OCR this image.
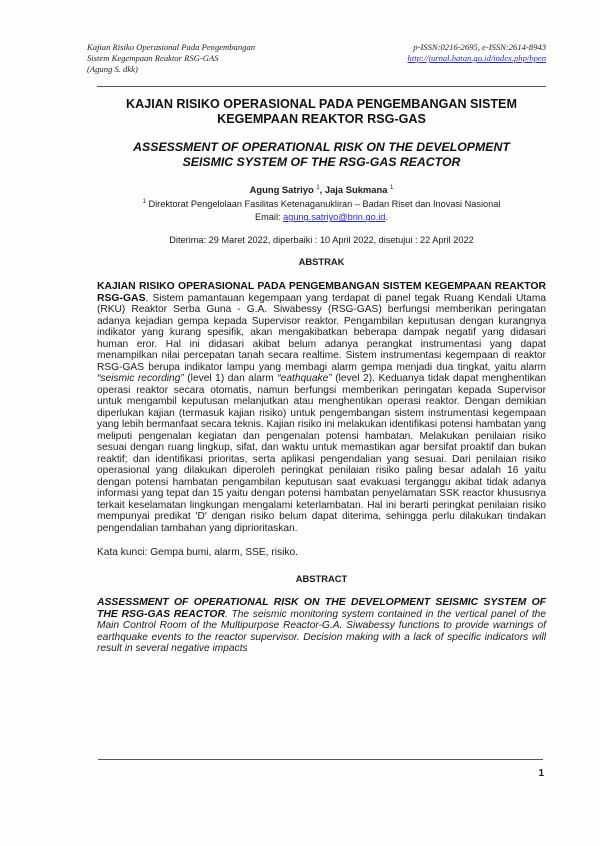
Kajian Risiko Operasional Pada Pengembangan
Sistem Kegempaan Reaktor RSG-GAS
(Agung S. dkk)
p-ISSN:0216-2695, e-ISSN:2614-8943
http://jurnal.batan.go.id/index.php/bpen

KAJIAN RISIKO OPERASIONAL PADA PENGEMBANGAN SISTEM
KEGEMPAAN REAKTOR RSG-GAS

ASSESSMENT OF OPERATIONAL RISK ON THE DEVELOPMENT
SEISMIC SYSTEM OF THE RSG-GAS REACTOR

Agung Satriyo $^1$, Jaja Sukmana $^1$
$^1$ Direktorat Pengelolaan Fasilitas Ketenaganukliran – Badan Riset dan Inovasi Nasional
Email: agung.satriyo@brin.go.id.
Diterima: 29 Maret 2022, diperbaiki : 10 April 2022, disetujui : 22 April 2022
ABSTRAK
KAJIAN RISIKO OPERASIONAL PADA PENGEMBANGAN SISTEM KEGEMPAAN REAKTOR RSG-GAS. Sistem pamantauan kegempaan yang terdapat di panel tegak Ruang Kendali Utama (RKU) Reaktor Serba Guna - G.A. Siwabessy (RSG-GAS) berfungsi memberikan peringatan adanya kejadian gempa kepada Supervisor reaktor. Pengambilan keputusan dengan kurangnya indikator yang kurang spesifik, akan mengakibatkan beberapa dampak negatif yang didasari human eror. Hal ini didasari akibat belum adanya perangkat instrumentasi yang dapat menampilkan nilai percepatan tanah secara realtime. Sistem instrumentasi kegempaan di reaktor RSG-GAS berupa indikator lampu yang membagi alarm gempa menjadi dua tingkat, yaitu alarm “seismic recording” (level 1) dan alarm “eathquake” (level 2). Keduanya tidak dapat menghentikan operasi reaktor secara otomatis, namun berfungsi memberikan peringatan kepada Supervisor untuk mengambil keputusan melanjutkan atau menghentikan operasi reaktor. Dengan demikian diperlukan kajian (termasuk kajian risiko) untuk pengembangan sistem instrumentasi kegempaan yang lebih bermanfaat secara teknis. Kajian risiko ini melakukan identifikasi potensi hambatan yang meliputi pengenalan kegiatan dan pengenalan potensi hambatan. Melakukan penilaian risiko sesuai dengan ruang lingkup, sifat, dan waktu untuk memastikan agar bersifat proaktif dan bukan reaktif; dan identifikasi prioritas, serta aplikasi pengendalian yang sesuai. Dari penilaian risiko operasional yang dilakukan diperoleh peringkat penilaian risiko paling besar adalah 16 yaitu dengan potensi hambatan pengambilan keputusan saat evakuasi terganggu akibat tidak adanya informasi yang tepat dan 15 yaitu dengan potensi hambatan penyelamatan SSK reactor khususnya terkait keselamatan lingkungan mengalami keterlambatan. Hal ini berarti peringkat penilaian risiko mempunyai predikat 'D' dengan risiko belum dapat diterima, sehingga perlu dilakukan tindakan pengendalian tambahan yang diprioritaskan.
Kata kunci: Gempa bumi, alarm, SSE, risiko.
ABSTRACT
ASSESSMENT OF OPERATIONAL RISK ON THE DEVELOPMENT SEISMIC SYSTEM OF THE RSG-GAS REACTOR. The seismic monitoring system contained in the vertical panel of the Main Control Room of the Multipurpose Reactor-G.A. Siwabessy functions to provide warnings of earthquake events to the reactor supervisor. Decision making with a lack of specific indicators will result in several negative impacts
1
